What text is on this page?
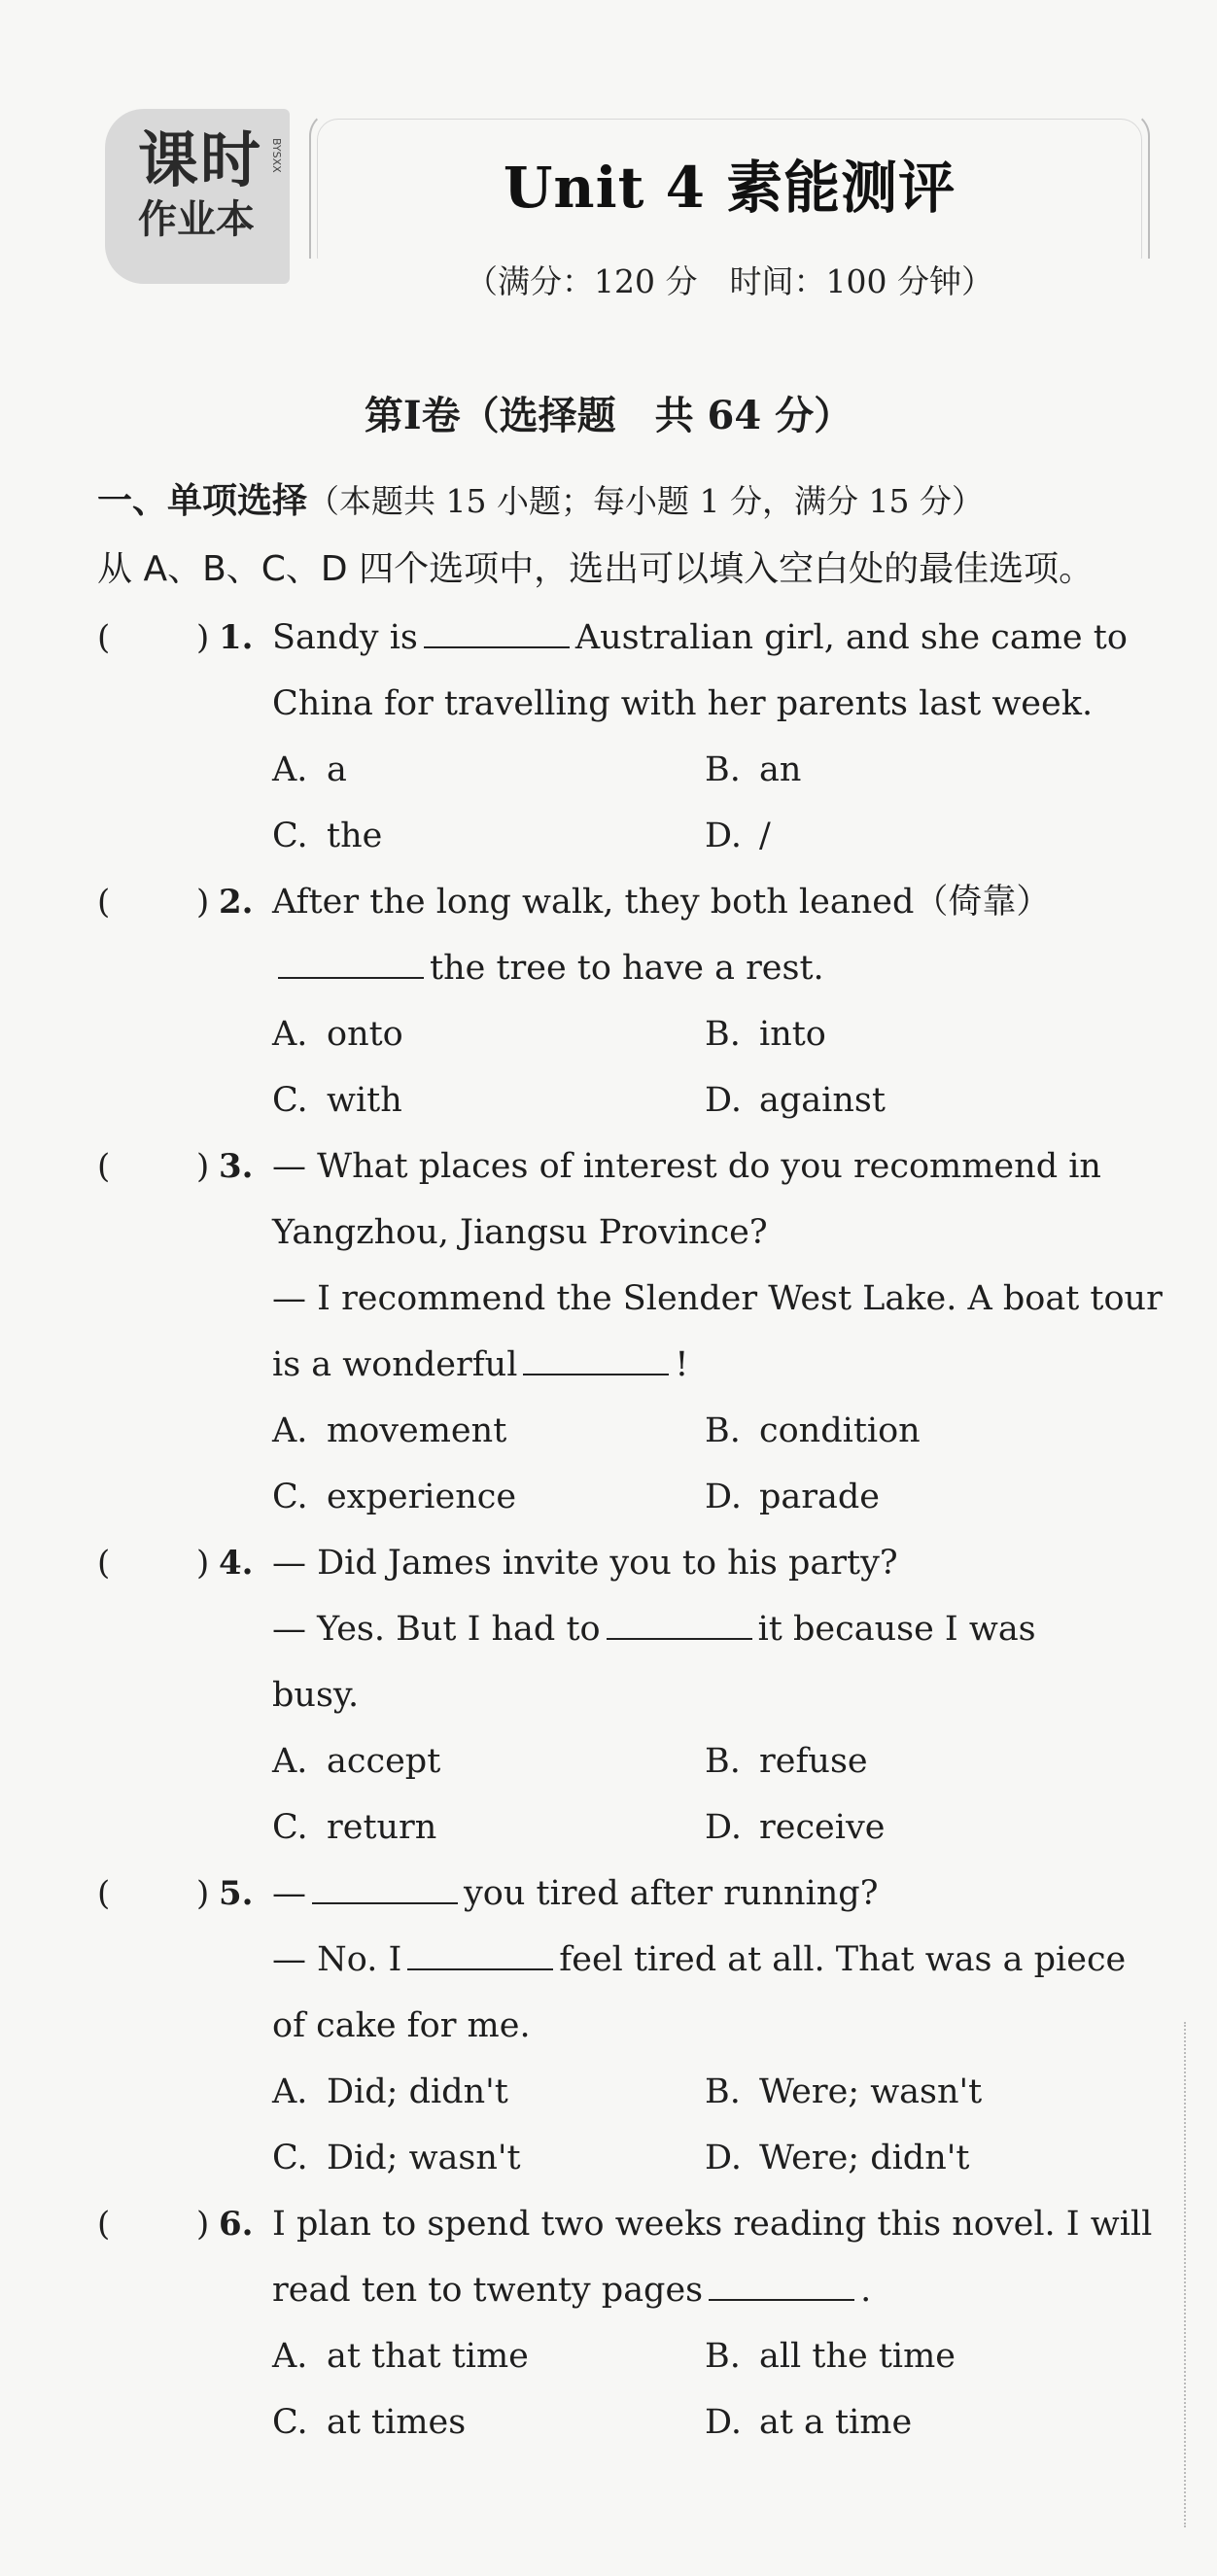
课时
作业本
BYSXX	Unit 4 素能测评
（满分：120 分　时间：100 分钟）
第Ⅰ卷（选择题　共 64 分）
一、单项选择（本题共 15 小题；每小题 1 分，满分 15 分）
从 A、B、C、D 四个选项中，选出可以填入空白处的最佳选项。
(	) 1. Sandy is	Australian girl, and she came to
China for travelling with her parents last week.
A. a	B. an
C. the	D. /
(	) 2. After the long walk, they both leaned（倚靠）
the tree to have a rest.
A. onto	B. into
C. with	D. against
(	) 3. — What places of interest do you recommend in
Yangzhou, Jiangsu Province?
— I recommend the Slender West Lake. A boat tour
is a wonderful	!
A. movement	B. condition
C. experience	D. parade
(	) 4. — Did James invite you to his party?
— Yes. But I had to	it because I was
busy.
A. accept	B. refuse
C. return	D. receive
(	) 5. —	you tired after running?
— No. I	feel tired at all. That was a piece
of cake for me.
A. Did; didn't	B. Were; wasn't
C. Did; wasn't	D. Were; didn't
(	) 6. I plan to spend two weeks reading this novel. I will
read ten to twenty pages	.
A. at that time	B. all the time
C. at times	D. at a time
